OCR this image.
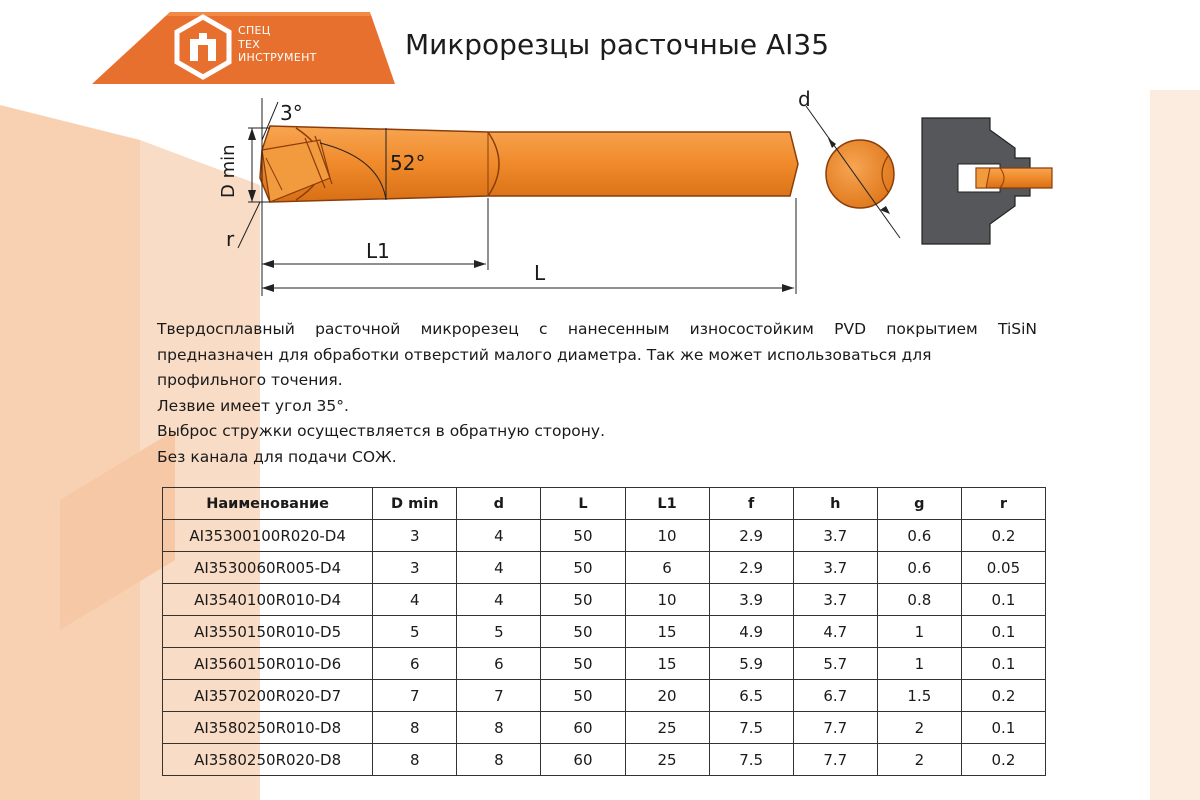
СПЕЦ
ТЕХ
ИНСТРУМЕНТ	Микрорезцы расточные AI35
3°
52°
D min
r	L1
L
d

Твердосплавный расточной микрорезец с нанесенным износостойким PVD покрытием TiSiN

предназначен для обработки отверстий малого диаметра. Так же может использоваться для

профильного точения.

Лезвие имеет угол 35°.

Выброс стружки осуществляется в обратную сторону.

Без канала для подачи СОЖ.

Наименование	D min	d	L	L1	f	h	g	r
AI35300100R020-D4	3	4	50	10	2.9	3.7	0.6	0.2
AI3530060R005-D4	3	4	50	6	2.9	3.7	0.6	0.05
AI3540100R010-D4	4	4	50	10	3.9	3.7	0.8	0.1
AI3550150R010-D5	5	5	50	15	4.9	4.7	1	0.1
AI3560150R010-D6	6	6	50	15	5.9	5.7	1	0.1
AI3570200R020-D7	7	7	50	20	6.5	6.7	1.5	0.2
AI3580250R010-D8	8	8	60	25	7.5	7.7	2	0.1
AI3580250R020-D8	8	8	60	25	7.5	7.7	2	0.2
